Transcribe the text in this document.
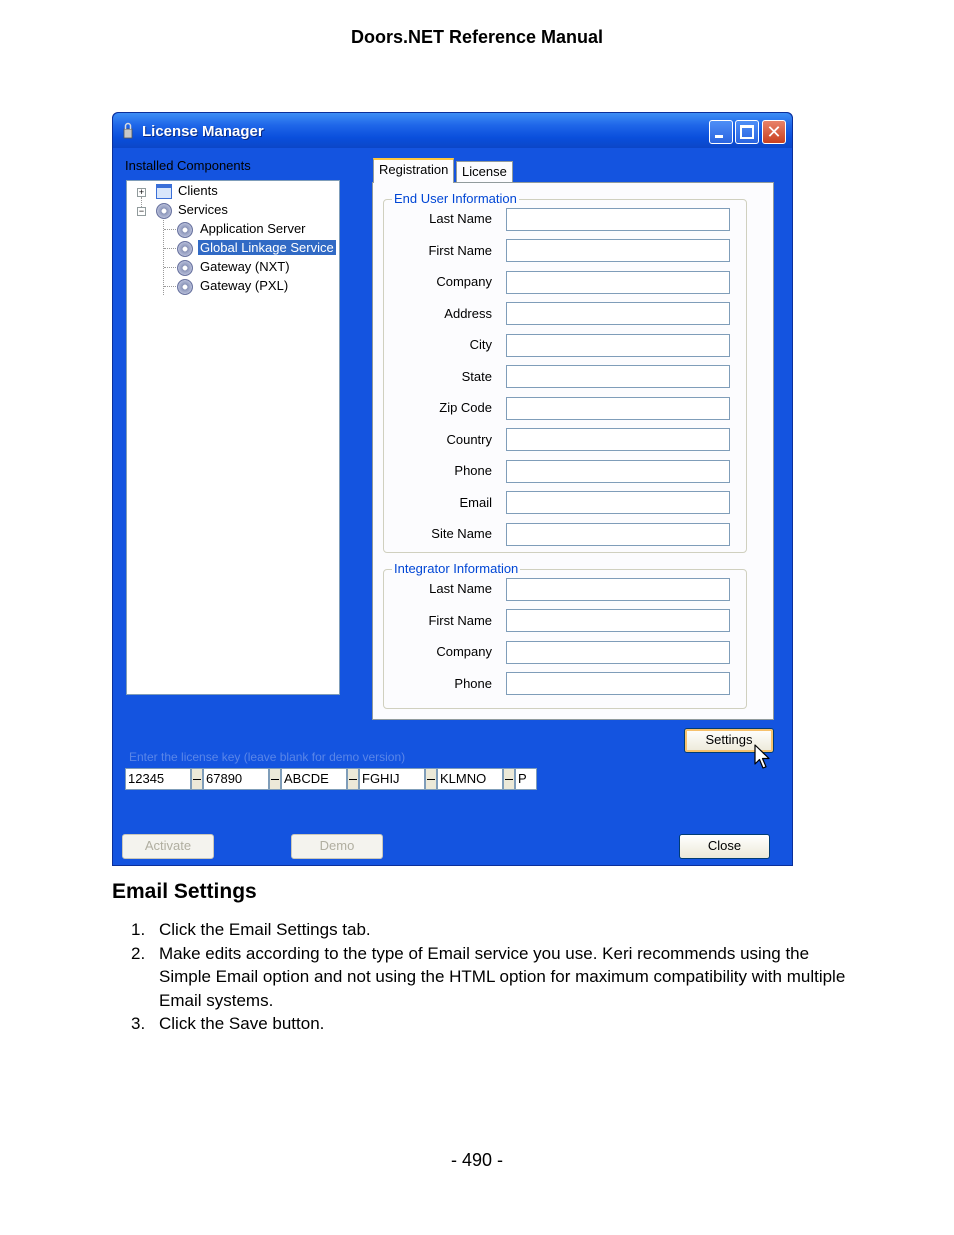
Doors.NET Reference Manual
License Manager	✕
Installed Components
+	Clients
−	Services
Application Server
Global Linkage Service
Gateway (NXT)
Gateway (PXL)
Registration	License
End User Information
Last Name
First Name
Company
Address
City
State
Zip Code
Country
Phone
Email
Site Name
Integrator Information
Last Name
First Name
Company
Phone
Settings
Enter the license key (leave blank for demo version)
12345	67890	ABCDE	FGHIJ	KLMNO	P
Activate	Demo	Close
Email Settings
1. Click the Email Settings tab.
2. Make edits according to the type of Email service you use. Keri recommends using the Simple Email option and not using the HTML option for maximum compatibility with multiple Email systems.
3. Click the Save button.
- 490 -
